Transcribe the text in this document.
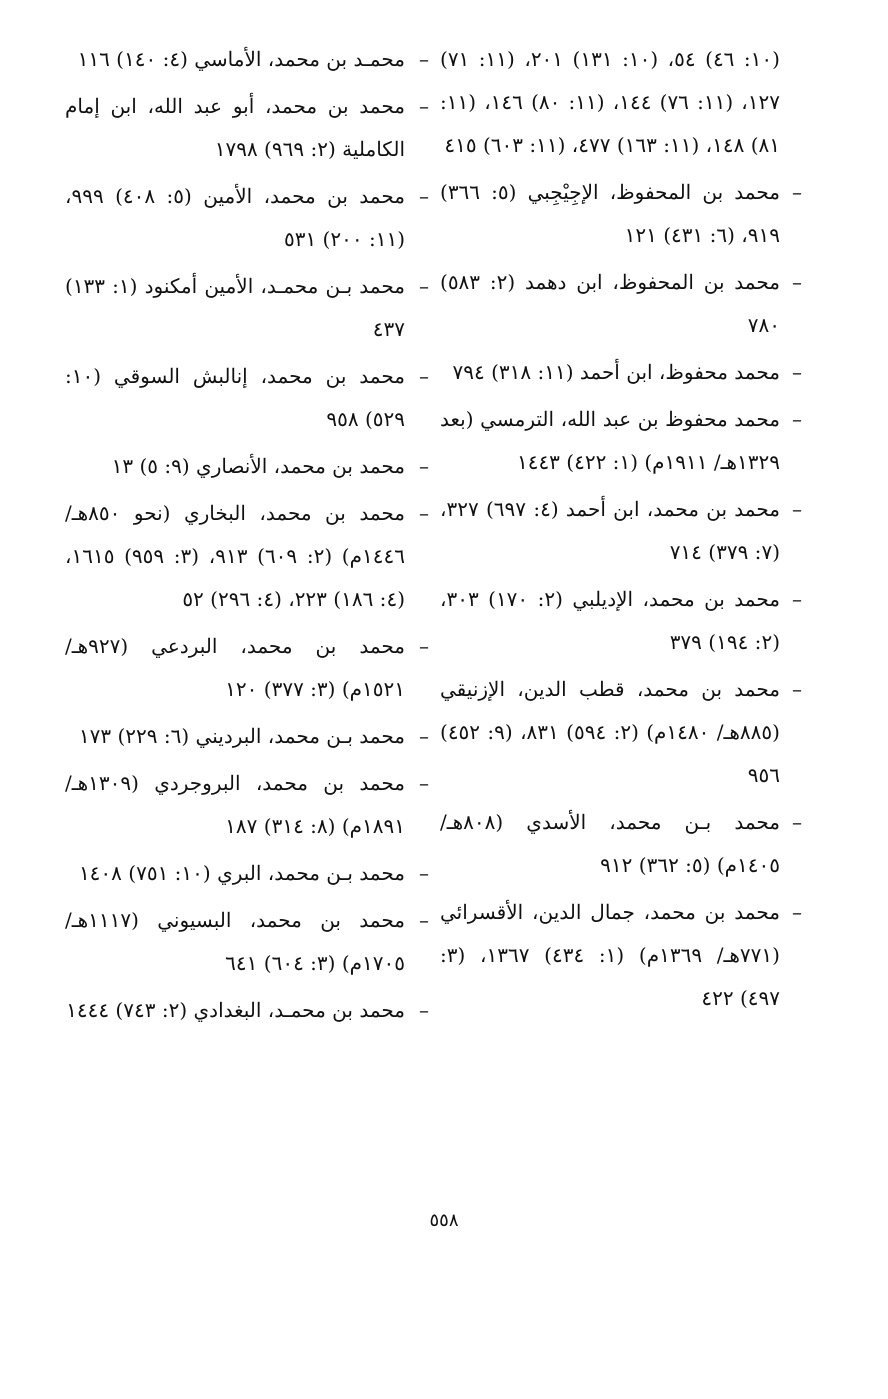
(١٠: ٤٦) ٥٤، (١٠: ١٣١) ٢٠١، (١١: ٧١) ١٢٧، (١١: ٧٦) ١٤٤، (١١: ٨٠) ١٤٦، (١١: ٨١) ١٤٨، (١١: ١٦٣) ٤٧٧، (١١: ٦٠٣) ٤١٥
–
محمد بن المحفوظ، الإجِيْجِبي (٥: ٣٦٦) ٩١٩، (٦: ٤٣١) ١٢١
–
محمد بن المحفوظ، ابن دهمد (٢: ٥٨٣) ٧٨٠
–
محمد محفوظ، ابن أحمد (١١: ٣١٨) ٧٩٤
–
محمد محفوظ بن عبد الله، الترمسي (بعد ١٣٢٩هـ/ ١٩١١م) (١: ٤٢٢) ١٤٤٣
–
محمد بن محمد، ابن أحمد (٤: ٦٩٧) ٣٢٧، (٧: ٣٧٩) ٧١٤
–
محمد بن محمد، الإديلبي (٢: ١٧٠) ٣٠٣، (٢: ١٩٤) ٣٧٩
–
محمد بن محمد، قطب الدين، الإزنيقي (٨٨٥هـ/ ١٤٨٠م) (٢: ٥٩٤) ٨٣١، (٩: ٤٥٢) ٩٥٦
–
محمد بـن محمد، الأسدي (٨٠٨هـ/ ١٤٠٥م) (٥: ٣٦٢) ٩١٢
–
محمد بن محمد، جمال الدين، الأقسرائي (٧٧١هـ/ ١٣٦٩م) (١: ٤٣٤) ١٣٦٧، (٣: ٤٩٧) ٤٢٢
–
محمـد بن محمد، الأماسي (٤: ١٤٠) ١١٦
–
محمد بن محمد، أبو عبد الله، ابن إمام الكاملية (٢: ٩٦٩) ١٧٩٨
–
محمد بن محمد، الأمين (٥: ٤٠٨) ٩٩٩، (١١: ٢٠٠) ٥٣١
–
محمد بـن محمـد، الأمين أمكنود (١: ١٣٣) ٤٣٧
–
محمد بن محمد، إنالبش السوقي (١٠: ٥٢٩) ٩٥٨
–
محمد بن محمد، الأنصاري (٩: ٥) ١٣
–
محمد بن محمد، البخاري (نحو ٨٥٠هـ/ ١٤٤٦م) (٢: ٦٠٩) ٩١٣، (٣: ٩٥٩) ١٦١٥، (٤: ١٨٦) ٢٢٣، (٤: ٢٩٦) ٥٢
–
محمد بن محمد، البردعي (٩٢٧هـ/ ١٥٢١م) (٣: ٣٧٧) ١٢٠
–
محمد بـن محمد، البرديني (٦: ٢٢٩) ١٧٣
–
محمد بن محمد، البروجردي (١٣٠٩هـ/ ١٨٩١م) (٨: ٣١٤) ١٨٧
–
محمد بـن محمد، البري (١٠: ٧٥١) ١٤٠٨
–
محمد بن محمد، البسيوني (١١١٧هـ/ ١٧٠٥م) (٣: ٦٠٤) ٦٤١
–
محمد بن محمـد، البغدادي (٢: ٧٤٣) ١٤٤٤
٥٥٨
